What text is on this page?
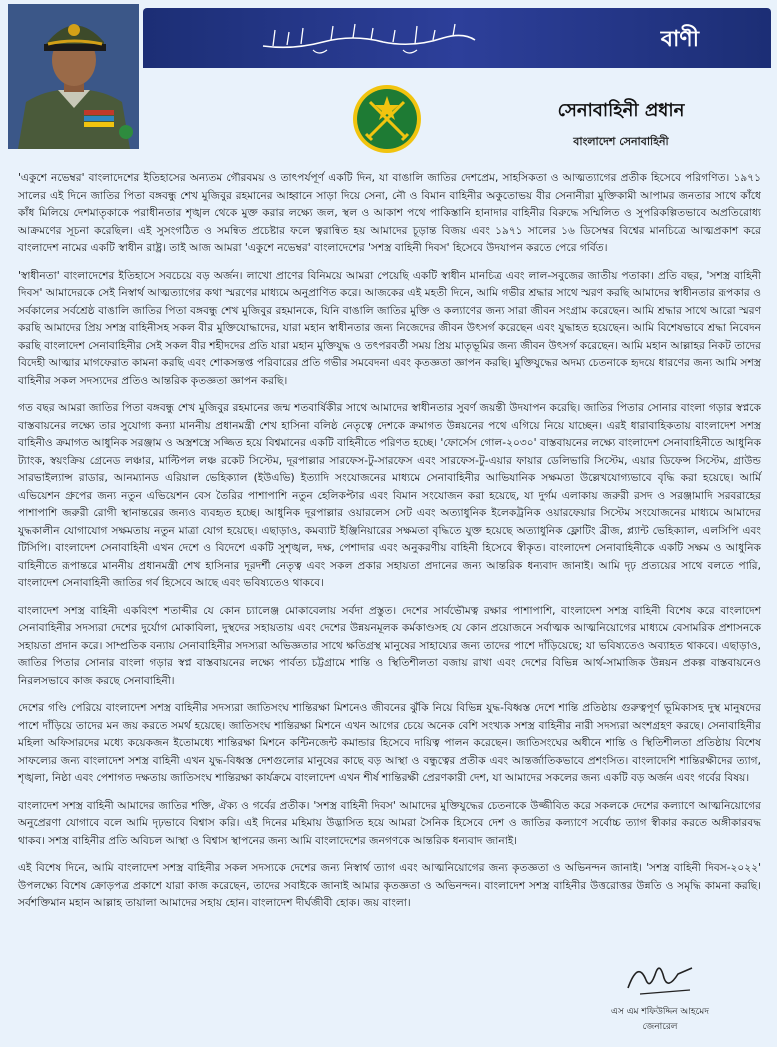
بسم الله الرحمن الرحيم
বাণী
সেনাবাহিনী প্রধান
বাংলাদেশ সেনাবাহিনী

'একুশে নভেম্বর' বাংলাদেশের ইতিহাসের অন্যতম গৌরবময় ও তাৎপর্যপূর্ণ একটি দিন, যা বাঙালি জাতির দেশপ্রেম, সাহসিকতা ও আত্মত্যাগের প্রতীক হিসেবে পরিগণিত। ১৯৭১ সালের এই দিনে জাতির পিতা বঙ্গবন্ধু শেখ মুজিবুর রহমানের আহ্বানে সাড়া দিয়ে সেনা, নৌ ও বিমান বাহিনীর অকুতোভয় বীর সেনানীরা মুক্তিকামী আপামর জনতার সাথে কাঁধে কাঁধ মিলিয়ে দেশমাতৃকাকে পরাধীনতার শৃঙ্খল থেকে মুক্ত করার লক্ষ্যে জল, স্থল ও আকাশ পথে পাকিস্তানি হানাদার বাহিনীর বিরুদ্ধে সম্মিলিত ও সুপরিকল্পিতভাবে অপ্রতিরোধ্য আক্রমণের সূচনা করেছিল। এই সুসংগঠিত ও সমন্বিত প্রচেষ্টার ফলে ত্বরান্বিত হয় আমাদের চূড়ান্ত বিজয় এবং ১৯৭১ সালের ১৬ ডিসেম্বর বিশ্বের মানচিত্রে আত্মপ্রকাশ করে বাংলাদেশ নামের একটি স্বাধীন রাষ্ট্র। তাই আজ আমরা 'একুশে নভেম্বর' বাংলাদেশের 'সশস্ত্র বাহিনী দিবস' হিসেবে উদযাপন করতে পেরে গর্বিত।

'স্বাধীনতা' বাংলাদেশের ইতিহাসে সবচেয়ে বড় অর্জন। লাখো প্রাণের বিনিময়ে আমরা পেয়েছি একটি স্বাধীন মানচিত্র এবং লাল-সবুজের জাতীয় পতাকা। প্রতি বছর, 'সশস্ত্র বাহিনী দিবস' আমাদেরকে সেই নিস্বার্থ আত্মত্যাগের কথা স্মরণের মাধ্যমে অনুপ্রাণিত করে। আজকের এই মহতী দিনে, আমি গভীর শ্রদ্ধার সাথে স্মরণ করছি আমাদের স্বাধীনতার রূপকার ও সর্বকালের সর্বশ্রেষ্ঠ বাঙালি জাতির পিতা বঙ্গবন্ধু শেখ মুজিবুর রহমানকে, যিনি বাঙালি জাতির মুক্তি ও কল্যাণের জন্য সারা জীবন সংগ্রাম করেছেন। আমি শ্রদ্ধার সাথে আরো স্মরণ করছি আমাদের প্রিয় সশস্ত্র বাহিনীসহ সকল বীর মুক্তিযোদ্ধাদের, যারা মহান স্বাধীনতার জন্য নিজেদের জীবন উৎসর্গ করেছেন এবং যুদ্ধাহত হয়েছেন। আমি বিশেষভাবে শ্রদ্ধা নিবেদন করছি বাংলাদেশ সেনাবাহিনীর সেই সকল বীর শহীদদের প্রতি যারা মহান মুক্তিযুদ্ধ ও তৎপরবর্তী সময় প্রিয় মাতৃভূমির জন্য জীবন উৎসর্গ করেছেন। আমি মহান আল্লাহর নিকট তাদের বিদেহী আত্মার মাগফেরাত কামনা করছি এবং শোকসন্তপ্ত পরিবারের প্রতি গভীর সমবেদনা এবং কৃতজ্ঞতা জ্ঞাপন করছি। মুক্তিযুদ্ধের অদম্য চেতনাকে হৃদয়ে ধারণের জন্য আমি সশস্ত্র বাহিনীর সকল সদস্যদের প্রতিও আন্তরিক কৃতজ্ঞতা জ্ঞাপন করছি।

গত বছর আমরা জাতির পিতা বঙ্গবন্ধু শেখ মুজিবুর রহমানের জন্ম শতবার্ষিকীর সাথে আমাদের স্বাধীনতার সুবর্ণ জয়ন্তী উদযাপন করেছি। জাতির পিতার সোনার বাংলা গড়ার স্বপ্নকে বাস্তবায়নের লক্ষ্যে তার সুযোগ্য কন্যা মাননীয় প্রধানমন্ত্রী শেখ হাসিনা বলিষ্ঠ নেতৃত্বে দেশকে ক্রমাগত উন্নয়নের পথে এগিয়ে নিয়ে যাচ্ছেন। এরই ধারাবাহিকতায় বাংলাদেশ সশস্ত্র বাহিনীও ক্রমাগত আধুনিক সরঞ্জাম ও অস্ত্রশস্ত্রে সজ্জিত হয়ে বিশ্বমানের একটি বাহিনীতে পরিণত হচ্ছে। 'ফোর্সেস গোল-২০৩০' বাস্তবায়নের লক্ষ্যে বাংলাদেশ সেনাবাহিনীতে আধুনিক ট্যাংক, স্বয়ংক্রিয় গ্রেনেড লঞ্চার, মাল্টিপল লঞ্চ রকেট সিস্টেম, দূরপাল্লার সারফেস-টু-সারফেস এবং সারফেস-টু-এয়ার ফায়ার ডেলিভারি সিস্টেম, এয়ার ডিফেন্স সিস্টেম, গ্রাউন্ড সারভাইল্যান্স রাডার, আনম্যানড এরিয়াল ভেহিক্যাল (ইউএভি) ইত্যাদি সংযোজনের মাধ্যমে সেনাবাহিনীর আভিযানিক সক্ষমতা উল্লেখযোগ্যভাবে বৃদ্ধি করা হয়েছে। আর্মি এভিয়েশন গ্রুপের জন্য নতুন এভিয়েশন বেস তৈরির পাশাপাশি নতুন হেলিকপ্টার এবং বিমান সংযোজন করা হয়েছে, যা দুর্গম এলাকায় জরুরী রসদ ও সরঞ্জামাদি সরবরাহের পাশাপাশি জরুরী রোগী স্থানান্তরের জন্যও ব্যবহৃত হচ্ছে। আধুনিক দূরপাল্লার ওয়ারলেস সেট এবং অত্যাধুনিক ইলেকট্রনিক ওয়ারফেয়ার সিস্টেম সংযোজনের মাধ্যমে আমাদের যুদ্ধকালীন যোগাযোগ সক্ষমতায় নতুন মাত্রা যোগ হয়েছে। এছাড়াও, কমব্যাট ইঞ্জিনিয়ারের সক্ষমতা বৃদ্ধিতে যুক্ত হয়েছে অত্যাধুনিক ফ্লোটিং ব্রীজ, প্ল্যান্ট ভেহিক্যাল, এলসিপি এবং টিসিপি। বাংলাদেশ সেনাবাহিনী এখন দেশে ও বিদেশে একটি সুশৃঙ্খল, দক্ষ, পেশাদার এবং অনুকরণীয় বাহিনী হিসেবে স্বীকৃত। বাংলাদেশ সেনাবাহিনীকে একটি সক্ষম ও আধুনিক বাহিনীতে রূপান্তরে মাননীয় প্রধানমন্ত্রী শেখ হাসিনার দূরদর্শী নেতৃত্ব এবং সকল প্রকার সহায়তা প্রদানের জন্য আন্তরিক ধন্যবাদ জানাই। আমি দৃঢ় প্রত্যয়ের সাথে বলতে পারি, বাংলাদেশ সেনাবাহিনী জাতির গর্ব হিসেবে আছে এবং ভবিষ্যতেও থাকবে।

বাংলাদেশ সশস্ত্র বাহিনী একবিংশ শতাব্দীর যে কোন চ্যালেঞ্জ মোকাবেলায় সর্বদা প্রস্তুত। দেশের সার্বভৌমত্ব রক্ষার পাশাপাশি, বাংলাদেশ সশস্ত্র বাহিনী বিশেষ করে বাংলাদেশ সেনাবাহিনীর সদস্যরা দেশের দুর্যোগ মোকাবিলা, দুস্থদের সহায়তায় এবং দেশের উন্নয়নমূলক কর্মকাণ্ডসহ যে কোন প্রয়োজনে সর্বাত্মক আত্মনিয়োগের মাধ্যমে বেসামরিক প্রশাসনকে সহায়তা প্রদান করে। সাম্প্রতিক বন্যায় সেনাবাহিনীর সদস্যরা অভিজ্ঞতার সাথে ক্ষতিগ্রস্থ মানুষের সাহায্যের জন্য তাদের পাশে দাঁড়িয়েছে; যা ভবিষ্যতেও অব্যাহত থাকবে। এছাড়াও, জাতির পিতার সোনার বাংলা গড়ার স্বপ্ন বাস্তবায়নের লক্ষ্যে পার্বত্য চট্টগ্রামে শান্তি ও স্থিতিশীলতা বজায় রাখা এবং দেশের বিভিন্ন আর্থ-সামাজিক উন্নয়ন প্রকল্প বাস্তবায়নেও নিরলসভাবে কাজ করছে সেনাবাহিনী।

দেশের গণ্ডি পেরিয়ে বাংলাদেশ সশস্ত্র বাহিনীর সদস্যরা জাতিসংঘ শান্তিরক্ষা মিশনেও জীবনের ঝুঁকি নিয়ে বিভিন্ন যুদ্ধ-বিধ্বস্ত দেশে শান্তি প্রতিষ্ঠায় গুরুত্বপূর্ণ ভূমিকাসহ দুস্থ মানুষদের পাশে দাঁড়িয়ে তাদের মন জয় করতে সমর্থ হয়েছে। জাতিসংঘ শান্তিরক্ষা মিশনে এখন আগের চেয়ে অনেক বেশি সংখ্যক সশস্ত্র বাহিনীর নারী সদস্যরা অংশগ্রহণ করছে। সেনাবাহিনীর মহিলা অফিসারদের মধ্যে কয়েকজন ইতোমধ্যে শান্তিরক্ষা মিশনে কন্টিনজেন্ট কমান্ডার হিসেবে দায়িত্ব পালন করেছেন। জাতিসংঘের অধীনে শান্তি ও স্থিতিশীলতা প্রতিষ্ঠায় বিশেষ সাফল্যের জন্য বাংলাদেশ সশস্ত্র বাহিনী এখন যুদ্ধ-বিধ্বস্ত দেশগুলোর মানুষের কাছে বড় আস্থা ও বন্ধুত্বের প্রতীক এবং আন্তর্জাতিকভাবে প্রশংসিত। বাংলাদেশি শান্তিরক্ষীদের ত্যাগ, শৃঙ্খলা, নিষ্ঠা এবং পেশাগত দক্ষতায় জাতিসংঘ শান্তিরক্ষা কার্যক্রমে বাংলাদেশ এখন শীর্ষ শান্তিরক্ষী প্রেরণকারী দেশ, যা আমাদের সকলের জন্য একটি বড় অর্জন এবং গর্বের বিষয়।

বাংলাদেশ সশস্ত্র বাহিনী আমাদের জাতির শক্তি, ঐক্য ও গর্বের প্রতীক। 'সশস্ত্র বাহিনী দিবস' আমাদের মুক্তিযুদ্ধের চেতনাকে উজ্জীবিত করে সকলকে দেশের কল্যাণে আত্মনিয়োগের অনুপ্রেরণা যোগাবে বলে আমি দৃঢ়ভাবে বিশ্বাস করি। এই দিনের মহিমায় উদ্ভাসিত হয়ে আমরা সৈনিক হিসেবে দেশ ও জাতির কল্যাণে সর্বোচ্চ ত্যাগ স্বীকার করতে অঙ্গীকারবদ্ধ থাকব। সশস্ত্র বাহিনীর প্রতি অবিচল আস্থা ও বিশ্বাস স্থাপনের জন্য আমি বাংলাদেশের জনগণকে আন্তরিক ধন্যবাদ জানাই।

এই বিশেষ দিনে, আমি বাংলাদেশ সশস্ত্র বাহিনীর সকল সদস্যকে দেশের জন্য নিস্বার্থ ত্যাগ এবং আত্মনিয়োগের জন্য কৃতজ্ঞতা ও অভিনন্দন জানাই। 'সশস্ত্র বাহিনী দিবস-২০২২' উপলক্ষ্যে বিশেষ ক্রোড়পত্র প্রকাশে যারা কাজ করেছেন, তাদের সবাইকে জানাই আমার কৃতজ্ঞতা ও অভিনন্দন। বাংলাদেশ সশস্ত্র বাহিনীর উত্তরোত্তর উন্নতি ও সমৃদ্ধি কামনা করছি। সর্বশক্তিমান মহান আল্লাহ তায়ালা আমাদের সহায় হোন। বাংলাদেশ দীর্ঘজীবী হোক। জয় বাংলা।

এস এম শফিউদ্দিন আহমেদ
জেনারেল
